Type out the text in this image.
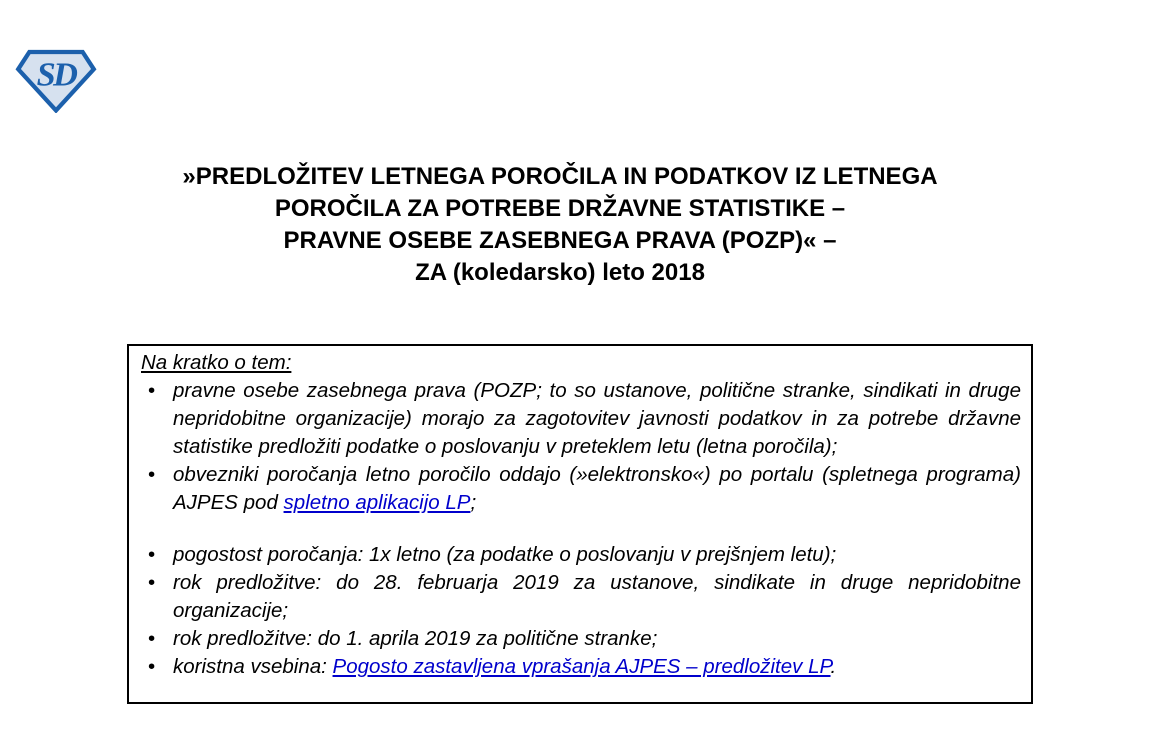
SD
»PREDLOŽITEV LETNEGA POROČILA IN PODATKOV IZ LETNEGA
POROČILA ZA POTREBE DRŽAVNE STATISTIKE –
PRAVNE OSEBE ZASEBNEGA PRAVA (POZP)« –
ZA (koledarsko) leto 2018
Na kratko o tem:
• pravne osebe zasebnega prava (POZP; to so ustanove, politične stranke, sindikati in druge nepridobitne organizacije) morajo za zagotovitev javnosti podatkov in za potrebe državne statistike predložiti podatke o poslovanju v preteklem letu (letna poročila);
• obvezniki poročanja letno poročilo oddajo (»elektronsko«) po portalu (spletnega programa) AJPES pod spletno aplikacijo LP;
• pogostost poročanja: 1x letno (za podatke o poslovanju v prejšnjem letu);
• rok predložitve: do 28. februarja 2019 za ustanove, sindikate in druge nepridobitne organizacije;
• rok predložitve: do 1. aprila 2019 za politične stranke;
• koristna vsebina: Pogosto zastavljena vprašanja AJPES – predložitev LP.
